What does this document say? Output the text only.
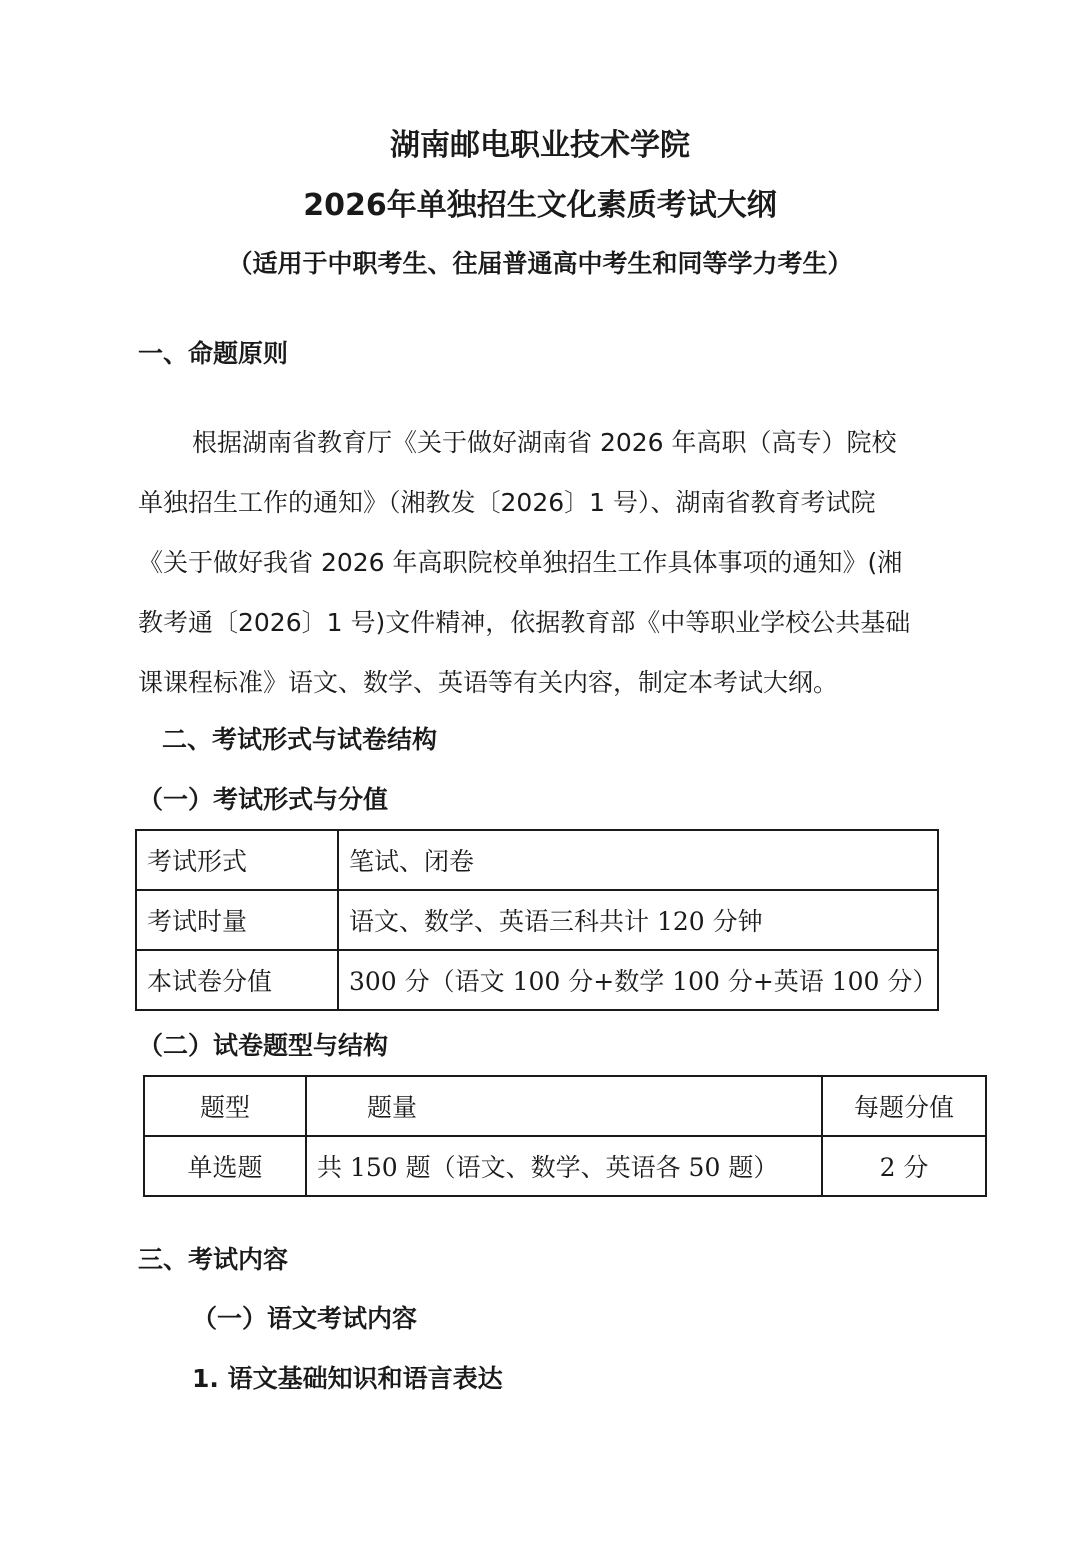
湖南邮电职业技术学院
2026年单独招生文化素质考试大纲
（适用于中职考生、往届普通高中考生和同等学力考生）
一、命题原则
根据湖南省教育厅《关于做好湖南省 2026 年高职（高专）院校
单独招生工作的通知》（湘教发〔2026〕1 号）、湖南省教育考试院
《关于做好我省 2026 年高职院校单独招生工作具体事项的通知》(湘
教考通〔2026〕1 号)文件精神，依据教育部《中等职业学校公共基础
课课程标准》语文、数学、英语等有关内容，制定本考试大纲。
二、考试形式与试卷结构
（一）考试形式与分值
考试形式	笔试、闭卷
考试时量	语文、数学、英语三科共计 120 分钟
本试卷分值	300 分（语文 100 分+数学 100 分+英语 100 分）
（二）试卷题型与结构
题型	题量	每题分值
单选题	共 150 题（语文、数学、英语各 50 题）	2 分
三、考试内容
（一）语文考试内容
1. 语文基础知识和语言表达
